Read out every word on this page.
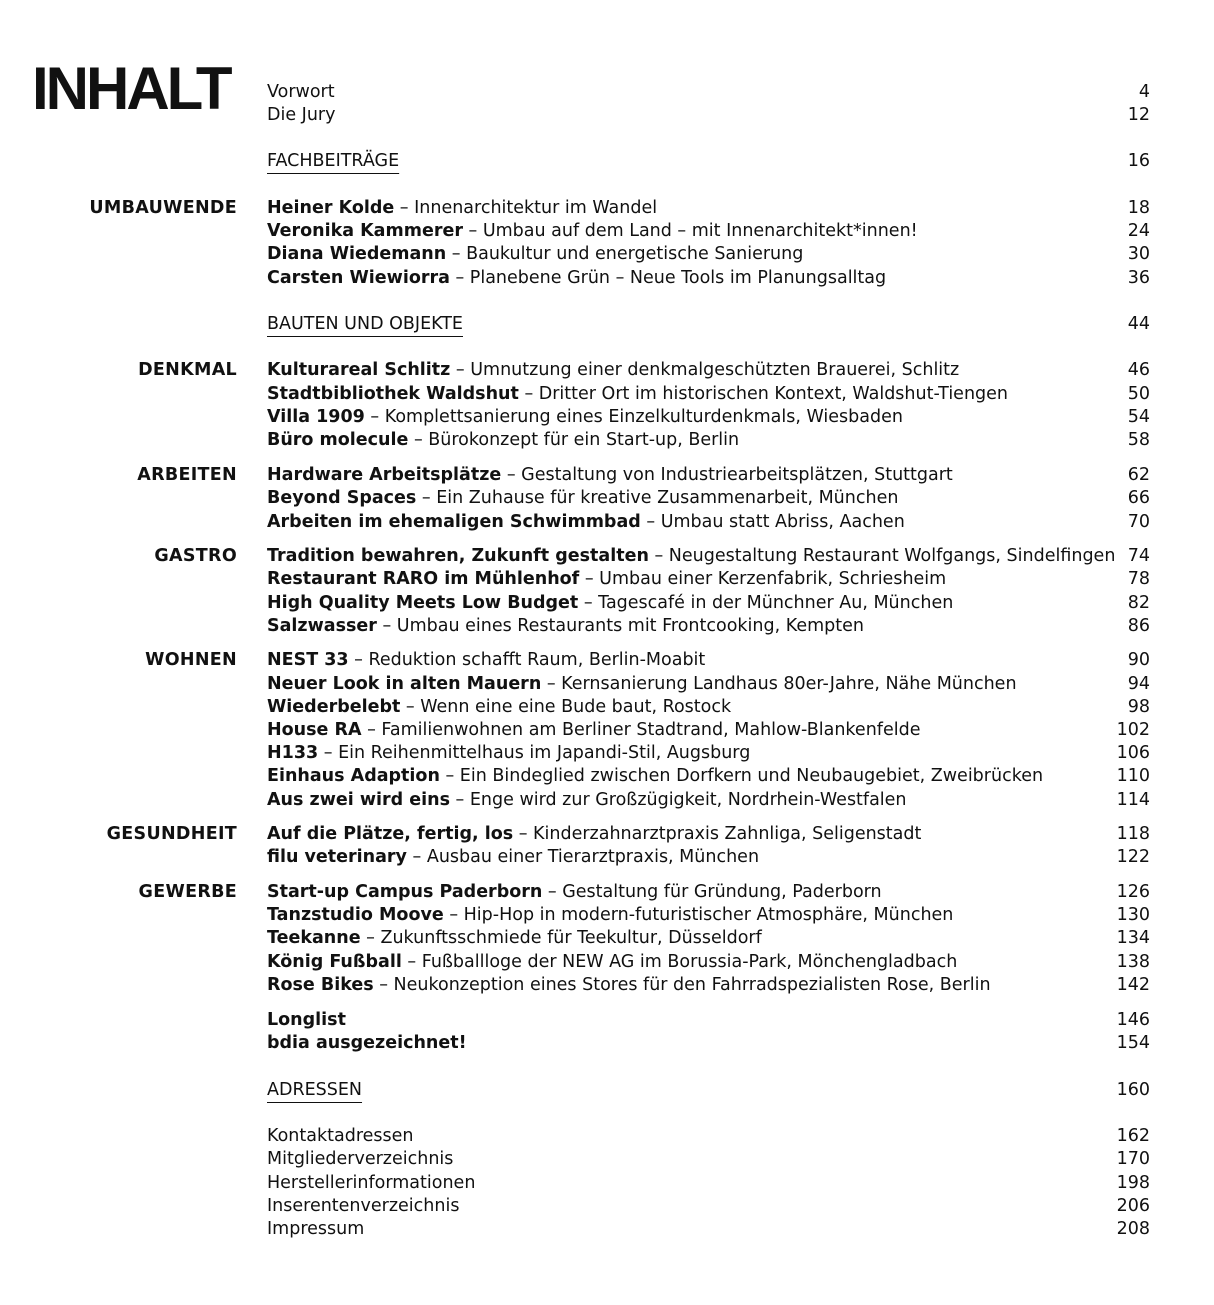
INHALT Vorwort	4
Die Jury	12
FACHBEITRÄGE	16
UMBAUWENDE Heiner Kolde – Innenarchitektur im Wandel	18
Veronika Kammerer – Umbau auf dem Land – mit Innenarchitekt*innen!	24
Diana Wiedemann – Baukultur und energetische Sanierung	30
Carsten Wiewiorra – Planebene Grün – Neue Tools im Planungsalltag	36
BAUTEN UND OBJEKTE	44
DENKMAL Kulturareal Schlitz – Umnutzung einer denkmalgeschützten Brauerei, Schlitz	46
Stadtbibliothek Waldshut – Dritter Ort im historischen Kontext, Waldshut-Tiengen	50
Villa 1909 – Komplettsanierung eines Einzelkulturdenkmals, Wiesbaden	54
Büro molecule – Bürokonzept für ein Start-up, Berlin	58
ARBEITEN Hardware Arbeitsplätze – Gestaltung von Industriearbeitsplätzen, Stuttgart	62
Beyond Spaces – Ein Zuhause für kreative Zusammenarbeit, München	66
Arbeiten im ehemaligen Schwimmbad – Umbau statt Abriss, Aachen	70
GASTRO Tradition bewahren, Zukunft gestalten – Neugestaltung Restaurant Wolfgangs, Sindelfingen 74
Restaurant RARO im Mühlenhof – Umbau einer Kerzenfabrik, Schriesheim	78
High Quality Meets Low Budget – Tagescafé in der Münchner Au, München	82
Salzwasser – Umbau eines Restaurants mit Frontcooking, Kempten	86
WOHNEN NEST 33 – Reduktion schafft Raum, Berlin-Moabit	90
Neuer Look in alten Mauern – Kernsanierung Landhaus 80er-Jahre, Nähe München	94
Wiederbelebt – Wenn eine eine Bude baut, Rostock	98
House RA – Familienwohnen am Berliner Stadtrand, Mahlow-Blankenfelde	102
H133 – Ein Reihenmittelhaus im Japandi-Stil, Augsburg	106
Einhaus Adaption – Ein Bindeglied zwischen Dorfkern und Neubaugebiet, Zweibrücken	110
Aus zwei wird eins – Enge wird zur Großzügigkeit, Nordrhein-Westfalen	114
GESUNDHEIT Auf die Plätze, fertig, los – Kinderzahnarztpraxis Zahnliga, Seligenstadt	118
filu veterinary – Ausbau einer Tierarztpraxis, München	122
GEWERBE Start-up Campus Paderborn – Gestaltung für Gründung, Paderborn	126
Tanzstudio Moove – Hip-Hop in modern-futuristischer Atmosphäre, München	130
Teekanne – Zukunftsschmiede für Teekultur, Düsseldorf	134
König Fußball – Fußballloge der NEW AG im Borussia-Park, Mönchengladbach	138
Rose Bikes – Neukonzeption eines Stores für den Fahrradspezialisten Rose, Berlin	142
Longlist	146
bdia ausgezeichnet!	154
ADRESSEN	160
Kontaktadressen	162
Mitgliederverzeichnis	170
Herstellerinformationen	198
Inserentenverzeichnis	206
Impressum	208
